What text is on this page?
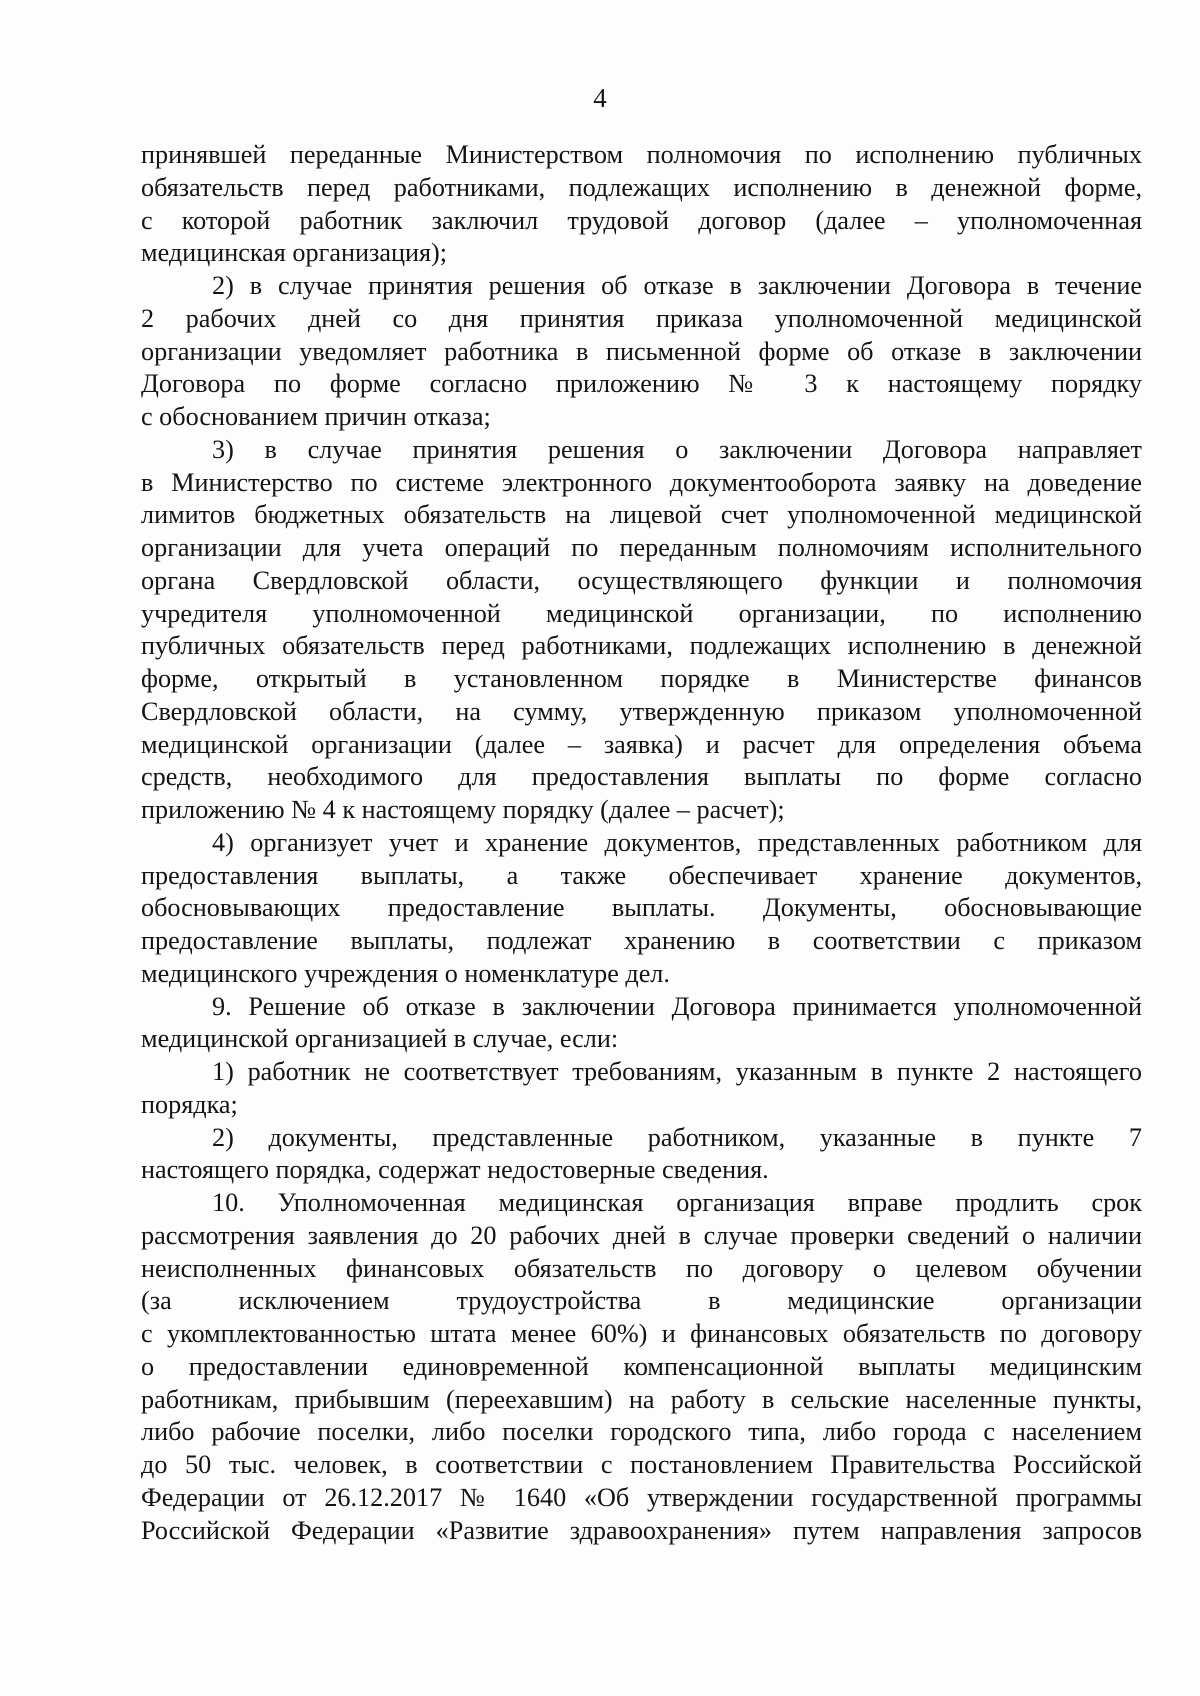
4
принявшей переданные Министерством полномочия по исполнению публичных
обязательств перед работниками, подлежащих исполнению в денежной форме,
с которой работник заключил трудовой договор (далее – уполномоченная
медицинская организация);
2) в случае принятия решения об отказе в заключении Договора в течение
2 рабочих дней со дня принятия приказа уполномоченной медицинской
организации уведомляет работника в письменной форме об отказе в заключении
Договора по форме согласно приложению № 3 к настоящему порядку
с обоснованием причин отказа;
3) в случае принятия решения о заключении Договора направляет
в Министерство по системе электронного документооборота заявку на доведение
лимитов бюджетных обязательств на лицевой счет уполномоченной медицинской
организации для учета операций по переданным полномочиям исполнительного
органа Свердловской области, осуществляющего функции и полномочия
учредителя уполномоченной медицинской организации, по исполнению
публичных обязательств перед работниками, подлежащих исполнению в денежной
форме, открытый в установленном порядке в Министерстве финансов
Свердловской области, на сумму, утвержденную приказом уполномоченной
медицинской организации (далее – заявка) и расчет для определения объема
средств, необходимого для предоставления выплаты по форме согласно
приложению № 4 к настоящему порядку (далее – расчет);
4) организует учет и хранение документов, представленных работником для
предоставления выплаты, а также обеспечивает хранение документов,
обосновывающих предоставление выплаты. Документы, обосновывающие
предоставление выплаты, подлежат хранению в соответствии с приказом
медицинского учреждения о номенклатуре дел.
9. Решение об отказе в заключении Договора принимается уполномоченной
медицинской организацией в случае, если:
1) работник не соответствует требованиям, указанным в пункте 2 настоящего
порядка;
2) документы, представленные работником, указанные в пункте 7
настоящего порядка, содержат недостоверные сведения.
10. Уполномоченная медицинская организация вправе продлить срок
рассмотрения заявления до 20 рабочих дней в случае проверки сведений о наличии
неисполненных финансовых обязательств по договору о целевом обучении
(за исключением трудоустройства в медицинские организации
с укомплектованностью штата менее 60%) и финансовых обязательств по договору
о предоставлении единовременной компенсационной выплаты медицинским
работникам, прибывшим (переехавшим) на работу в сельские населенные пункты,
либо рабочие поселки, либо поселки городского типа, либо города с населением
до 50 тыс. человек, в соответствии с постановлением Правительства Российской
Федерации от 26.12.2017 № 1640 «Об утверждении государственной программы
Российской Федерации «Развитие здравоохранения» путем направления запросов
